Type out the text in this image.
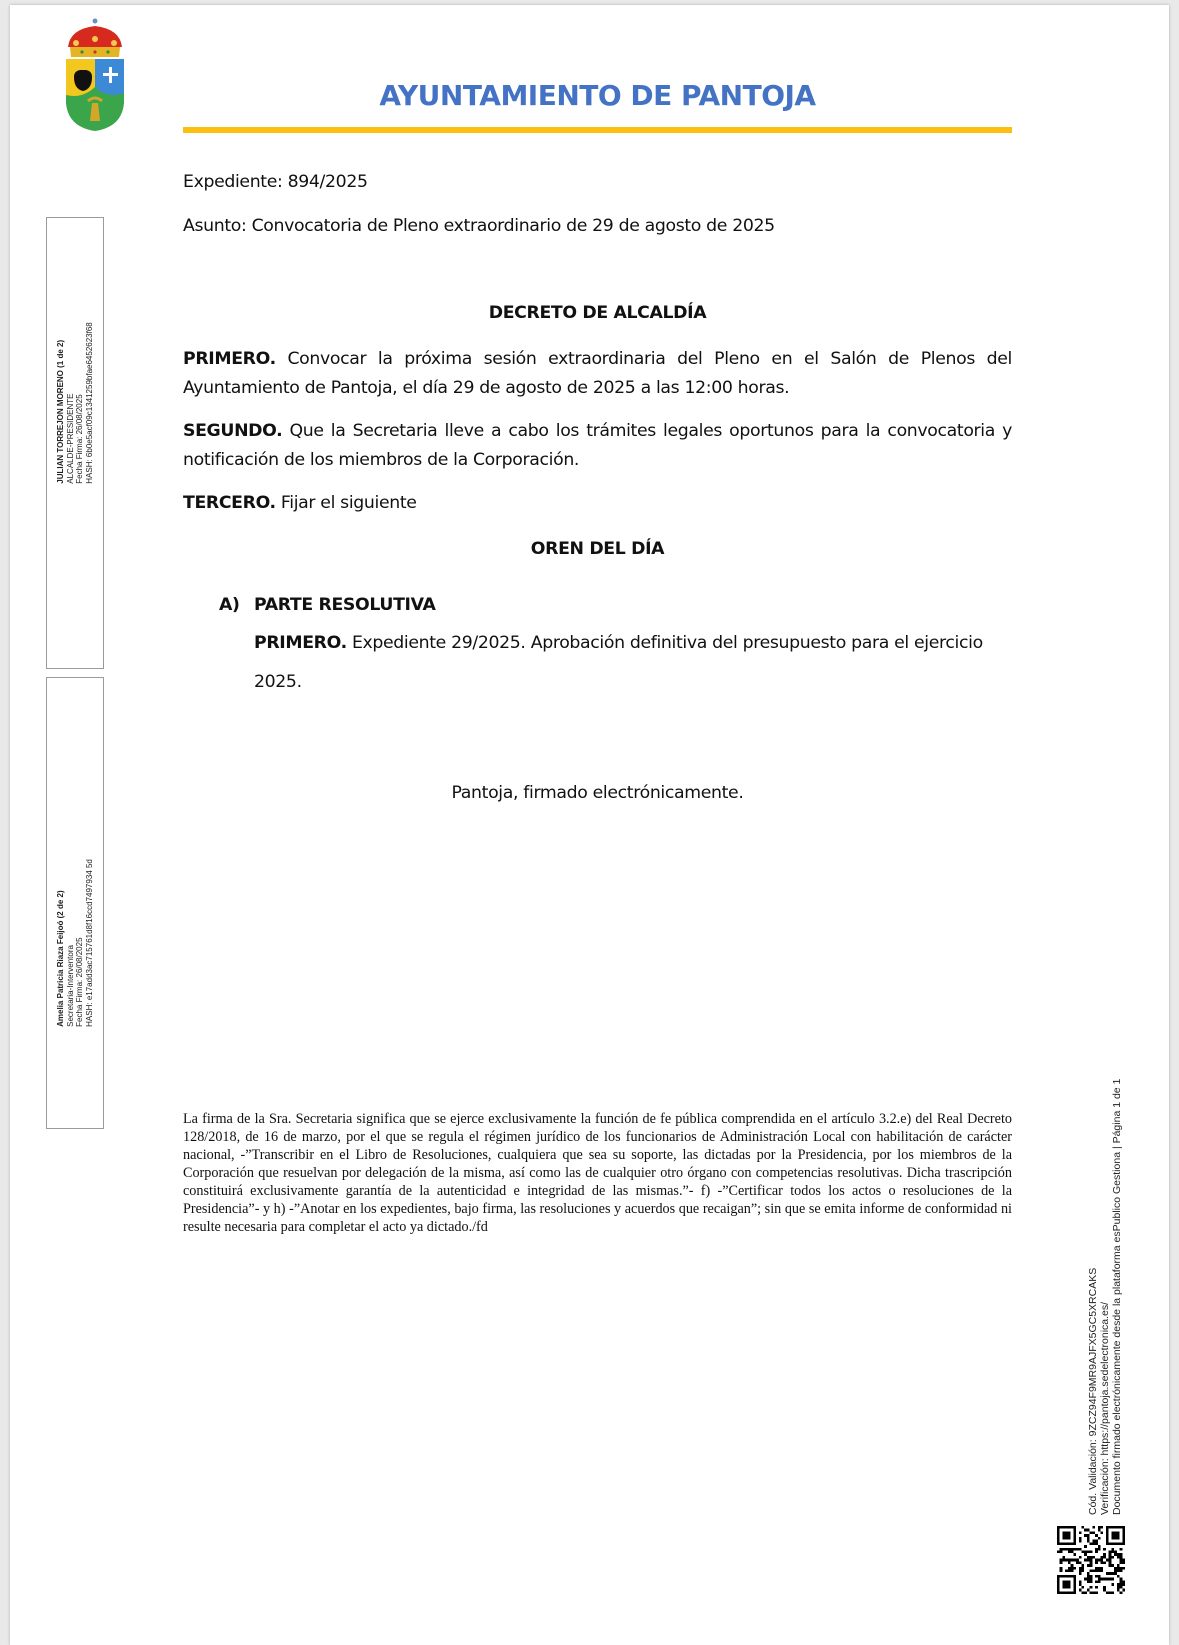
AYUNTAMIENTO DE PANTOJA
Expediente: 894/2025
Asunto: Convocatoria de Pleno extraordinario de 29 de agosto de 2025
DECRETO DE ALCALDÍA
PRIMERO. Convocar la próxima sesión extraordinaria del Pleno en el Salón de Plenos del Ayuntamiento de Pantoja, el día 29 de agosto de 2025 a las 12:00 horas.
SEGUNDO. Que la Secretaria lleve a cabo los trámites legales oportunos para la convocatoria y notificación de los miembros de la Corporación.
TERCERO. Fijar el siguiente
OREN DEL DÍA
A) PARTE RESOLUTIVA
PRIMERO. Expediente 29/2025. Aprobación definitiva del presupuesto para el ejercicio 2025.
Pantoja, firmado electrónicamente.
La firma de la Sra. Secretaria significa que se ejerce exclusivamente la función de fe pública comprendida en el artículo 3.2.e) del Real Decreto 128/2018, de 16 de marzo, por el que se regula el régimen jurídico de los funcionarios de Administración Local con habilitación de carácter nacional, -”Transcribir en el Libro de Resoluciones, cualquiera que sea su soporte, las dictadas por la Presidencia, por los miembros de la Corporación que resuelvan por delegación de la misma, así como las de cualquier otro órgano con competencias resolutivas. Dicha trascripción constituirá exclusivamente garantía de la autenticidad e integridad de las mismas.”- f) -”Certificar todos los actos o resoluciones de la Presidencia”- y h) -”Anotar en los expedientes, bajo firma, las resoluciones y acuerdos que recaigan”; sin que se emita informe de conformidad ni resulte necesaria para completar el acto ya dictado./fd
JULIAN TORREJON MORENO (1 de 2) ALCALDE-PRESIDENTE Fecha Firma: 26/08/2025 HASH: 6b0e5acf09c1341259bfae6452623f68
Amelia Patricia Riaza Feijoó (2 de 2) Secretaria-Interventora Fecha Firma: 26/08/2025 HASH: e17add3ac715761d8f16ccd7497934 5d
Cód. Validación: 9ZCZ94F9MR9AJFX5GC5XRCAKS Verificación: https://pantoja.sedelectronica.es/ Documento firmado electrónicamente desde la plataforma esPublico Gestiona | Página 1 de 1
